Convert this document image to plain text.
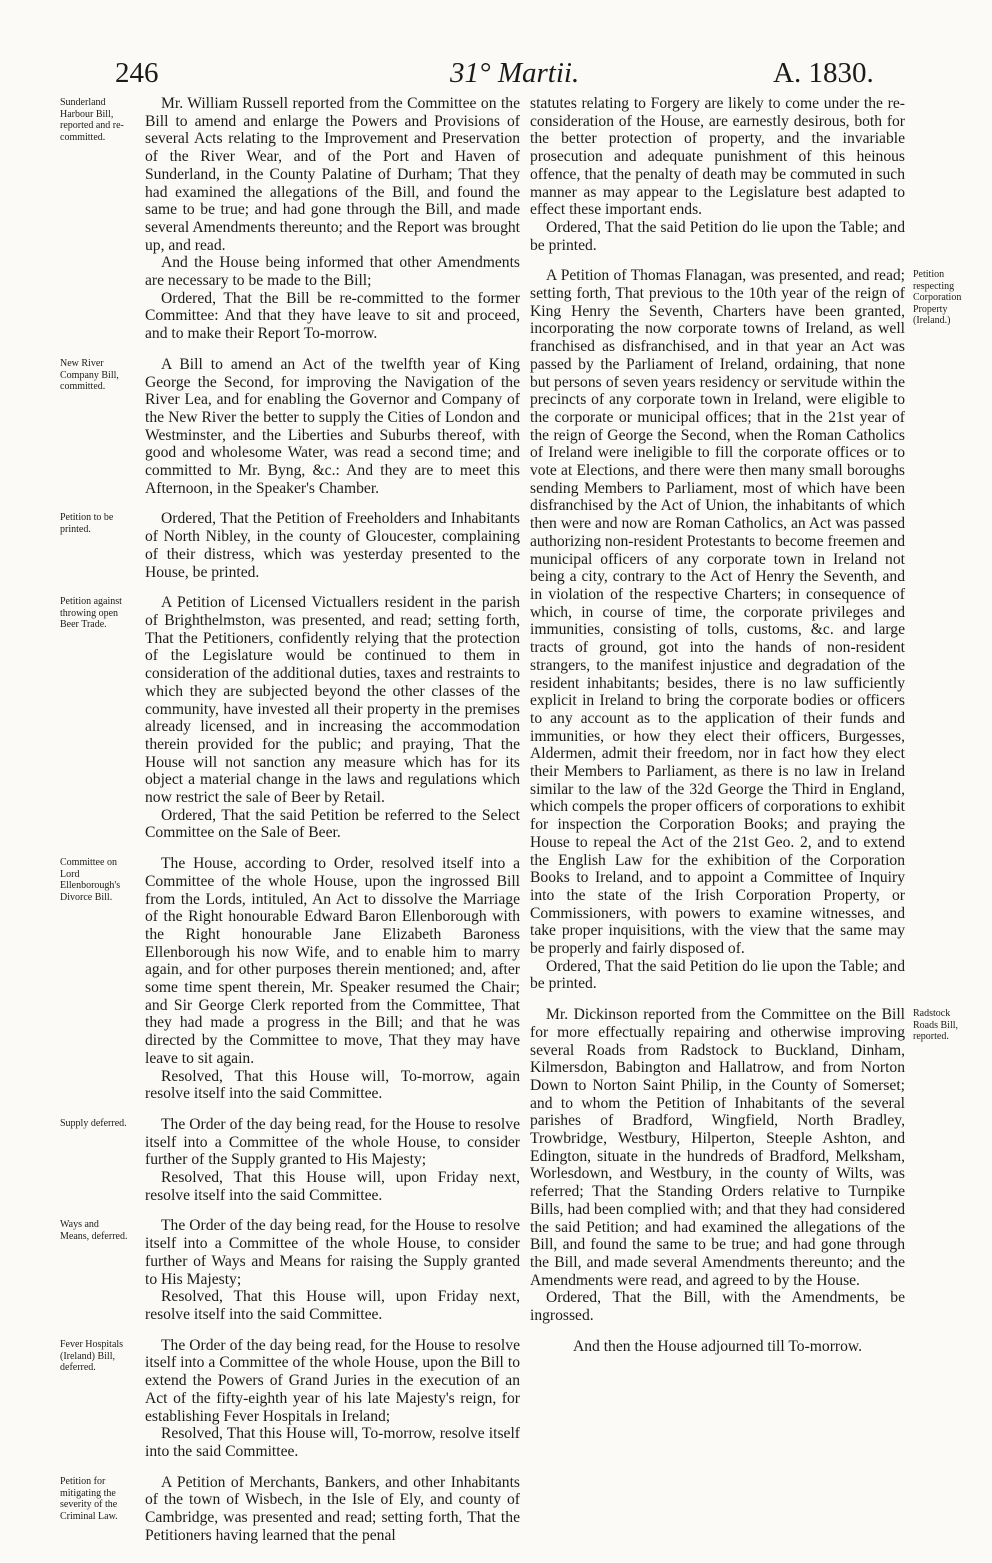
246	31° Martii.	A. 1830.

Mr. William Russell reported from the Committee on the Bill to amend and enlarge the Powers and Provisions of several Acts relating to the Improvement and Preservation of the River Wear, and of the Port and Haven of Sunderland, in the County Palatine of Durham; That they had examined the allegations of the Bill, and found the same to be true; and had gone through the Bill, and made several Amendments thereunto; and the Report was brought up, and read.

And the House being informed that other Amendments are necessary to be made to the Bill;

Ordered, That the Bill be re-committed to the former Committee: And that they have leave to sit and proceed, and to make their Report To-morrow.

A Bill to amend an Act of the twelfth year of King George the Second, for improving the Navigation of the River Lea, and for enabling the Governor and Company of the New River the better to supply the Cities of London and Westminster, and the Liberties and Suburbs thereof, with good and wholesome Water, was read a second time; and committed to Mr. Byng, &c.: And they are to meet this Afternoon, in the Speaker's Chamber.

Ordered, That the Petition of Freeholders and Inhabitants of North Nibley, in the county of Gloucester, complaining of their distress, which was yesterday presented to the House, be printed.

A Petition of Licensed Victuallers resident in the parish of Brighthelmston, was presented, and read; setting forth, That the Petitioners, confidently relying that the protection of the Legislature would be continued to them in consideration of the additional duties, taxes and restraints to which they are subjected beyond the other classes of the community, have invested all their property in the premises already licensed, and in increasing the accommodation therein provided for the public; and praying, That the House will not sanction any measure which has for its object a material change in the laws and regulations which now restrict the sale of Beer by Retail.

Ordered, That the said Petition be referred to the Select Committee on the Sale of Beer.

The House, according to Order, resolved itself into a Committee of the whole House, upon the ingrossed Bill from the Lords, intituled, An Act to dissolve the Marriage of the Right honourable Edward Baron Ellenborough with the Right honourable Jane Elizabeth Baroness Ellenborough his now Wife, and to enable him to marry again, and for other purposes therein mentioned; and, after some time spent therein, Mr. Speaker resumed the Chair; and Sir George Clerk reported from the Committee, That they had made a progress in the Bill; and that he was directed by the Committee to move, That they may have leave to sit again.

Resolved, That this House will, To-morrow, again resolve itself into the said Committee.

The Order of the day being read, for the House to resolve itself into a Committee of the whole House, to consider further of the Supply granted to His Majesty;

Resolved, That this House will, upon Friday next, resolve itself into the said Committee.

The Order of the day being read, for the House to resolve itself into a Committee of the whole House, to consider further of Ways and Means for raising the Supply granted to His Majesty;

Resolved, That this House will, upon Friday next, resolve itself into the said Committee.

The Order of the day being read, for the House to resolve itself into a Committee of the whole House, upon the Bill to extend the Powers of Grand Juries in the execution of an Act of the fifty-eighth year of his late Majesty's reign, for establishing Fever Hospitals in Ireland;

Resolved, That this House will, To-morrow, resolve itself into the said Committee.

A Petition of Merchants, Bankers, and other Inhabitants of the town of Wisbech, in the Isle of Ely, and county of Cambridge, was presented and read; setting forth, That the Petitioners having learned that the penal

statutes relating to Forgery are likely to come under the re-consideration of the House, are earnestly desirous, both for the better protection of property, and the invariable prosecution and adequate punishment of this heinous offence, that the penalty of death may be commuted in such manner as may appear to the Legislature best adapted to effect these important ends.

Ordered, That the said Petition do lie upon the Table; and be printed.

A Petition of Thomas Flanagan, was presented, and read; setting forth, That previous to the 10th year of the reign of King Henry the Seventh, Charters have been granted, incorporating the now corporate towns of Ireland, as well franchised as disfranchised, and in that year an Act was passed by the Parliament of Ireland, ordaining, that none but persons of seven years residency or servitude within the precincts of any corporate town in Ireland, were eligible to the corporate or municipal offices; that in the 21st year of the reign of George the Second, when the Roman Catholics of Ireland were ineligible to fill the corporate offices or to vote at Elections, and there were then many small boroughs sending Members to Parliament, most of which have been disfranchised by the Act of Union, the inhabitants of which then were and now are Roman Catholics, an Act was passed authorizing non-resident Protestants to become freemen and municipal officers of any corporate town in Ireland not being a city, contrary to the Act of Henry the Seventh, and in violation of the respective Charters; in consequence of which, in course of time, the corporate privileges and immunities, consisting of tolls, customs, &c. and large tracts of ground, got into the hands of non-resident strangers, to the manifest injustice and degradation of the resident inhabitants; besides, there is no law sufficiently explicit in Ireland to bring the corporate bodies or officers to any account as to the application of their funds and immunities, or how they elect their officers, Burgesses, Aldermen, admit their freedom, nor in fact how they elect their Members to Parliament, as there is no law in Ireland similar to the law of the 32d George the Third in England, which compels the proper officers of corporations to exhibit for inspection the Corporation Books; and praying the House to repeal the Act of the 21st Geo. 2, and to extend the English Law for the exhibition of the Corporation Books to Ireland, and to appoint a Committee of Inquiry into the state of the Irish Corporation Property, or Commissioners, with powers to examine witnesses, and take proper inquisitions, with the view that the same may be properly and fairly disposed of.

Ordered, That the said Petition do lie upon the Table; and be printed.

Mr. Dickinson reported from the Committee on the Bill for more effectually repairing and otherwise improving several Roads from Radstock to Buckland, Dinham, Kilmersdon, Babington and Hallatrow, and from Norton Down to Norton Saint Philip, in the County of Somerset; and to whom the Petition of Inhabitants of the several parishes of Bradford, Wingfield, North Bradley, Trowbridge, Westbury, Hilperton, Steeple Ashton, and Edington, situate in the hundreds of Bradford, Melksham, Worlesdown, and Westbury, in the county of Wilts, was referred; That the Standing Orders relative to Turnpike Bills, had been complied with; and that they had considered the said Petition; and had examined the allegations of the Bill, and found the same to be true; and had gone through the Bill, and made several Amendments thereunto; and the Amendments were read, and agreed to by the House.

Ordered, That the Bill, with the Amendments, be ingrossed.

And then the House adjourned till To-morrow.
Sunderland Harbour Bill, reported and re-committed.
New River Company Bill, committed.
Petition to be printed.
Petition against throwing open Beer Trade.
Committee on Lord Ellenborough's Divorce Bill.
Supply deferred.
Ways and Means, deferred.
Fever Hospitals (Ireland) Bill, deferred.
Petition for mitigating the severity of the Criminal Law.
Petition respecting Corporation Property (Ireland.)
Radstock Roads Bill, reported.
